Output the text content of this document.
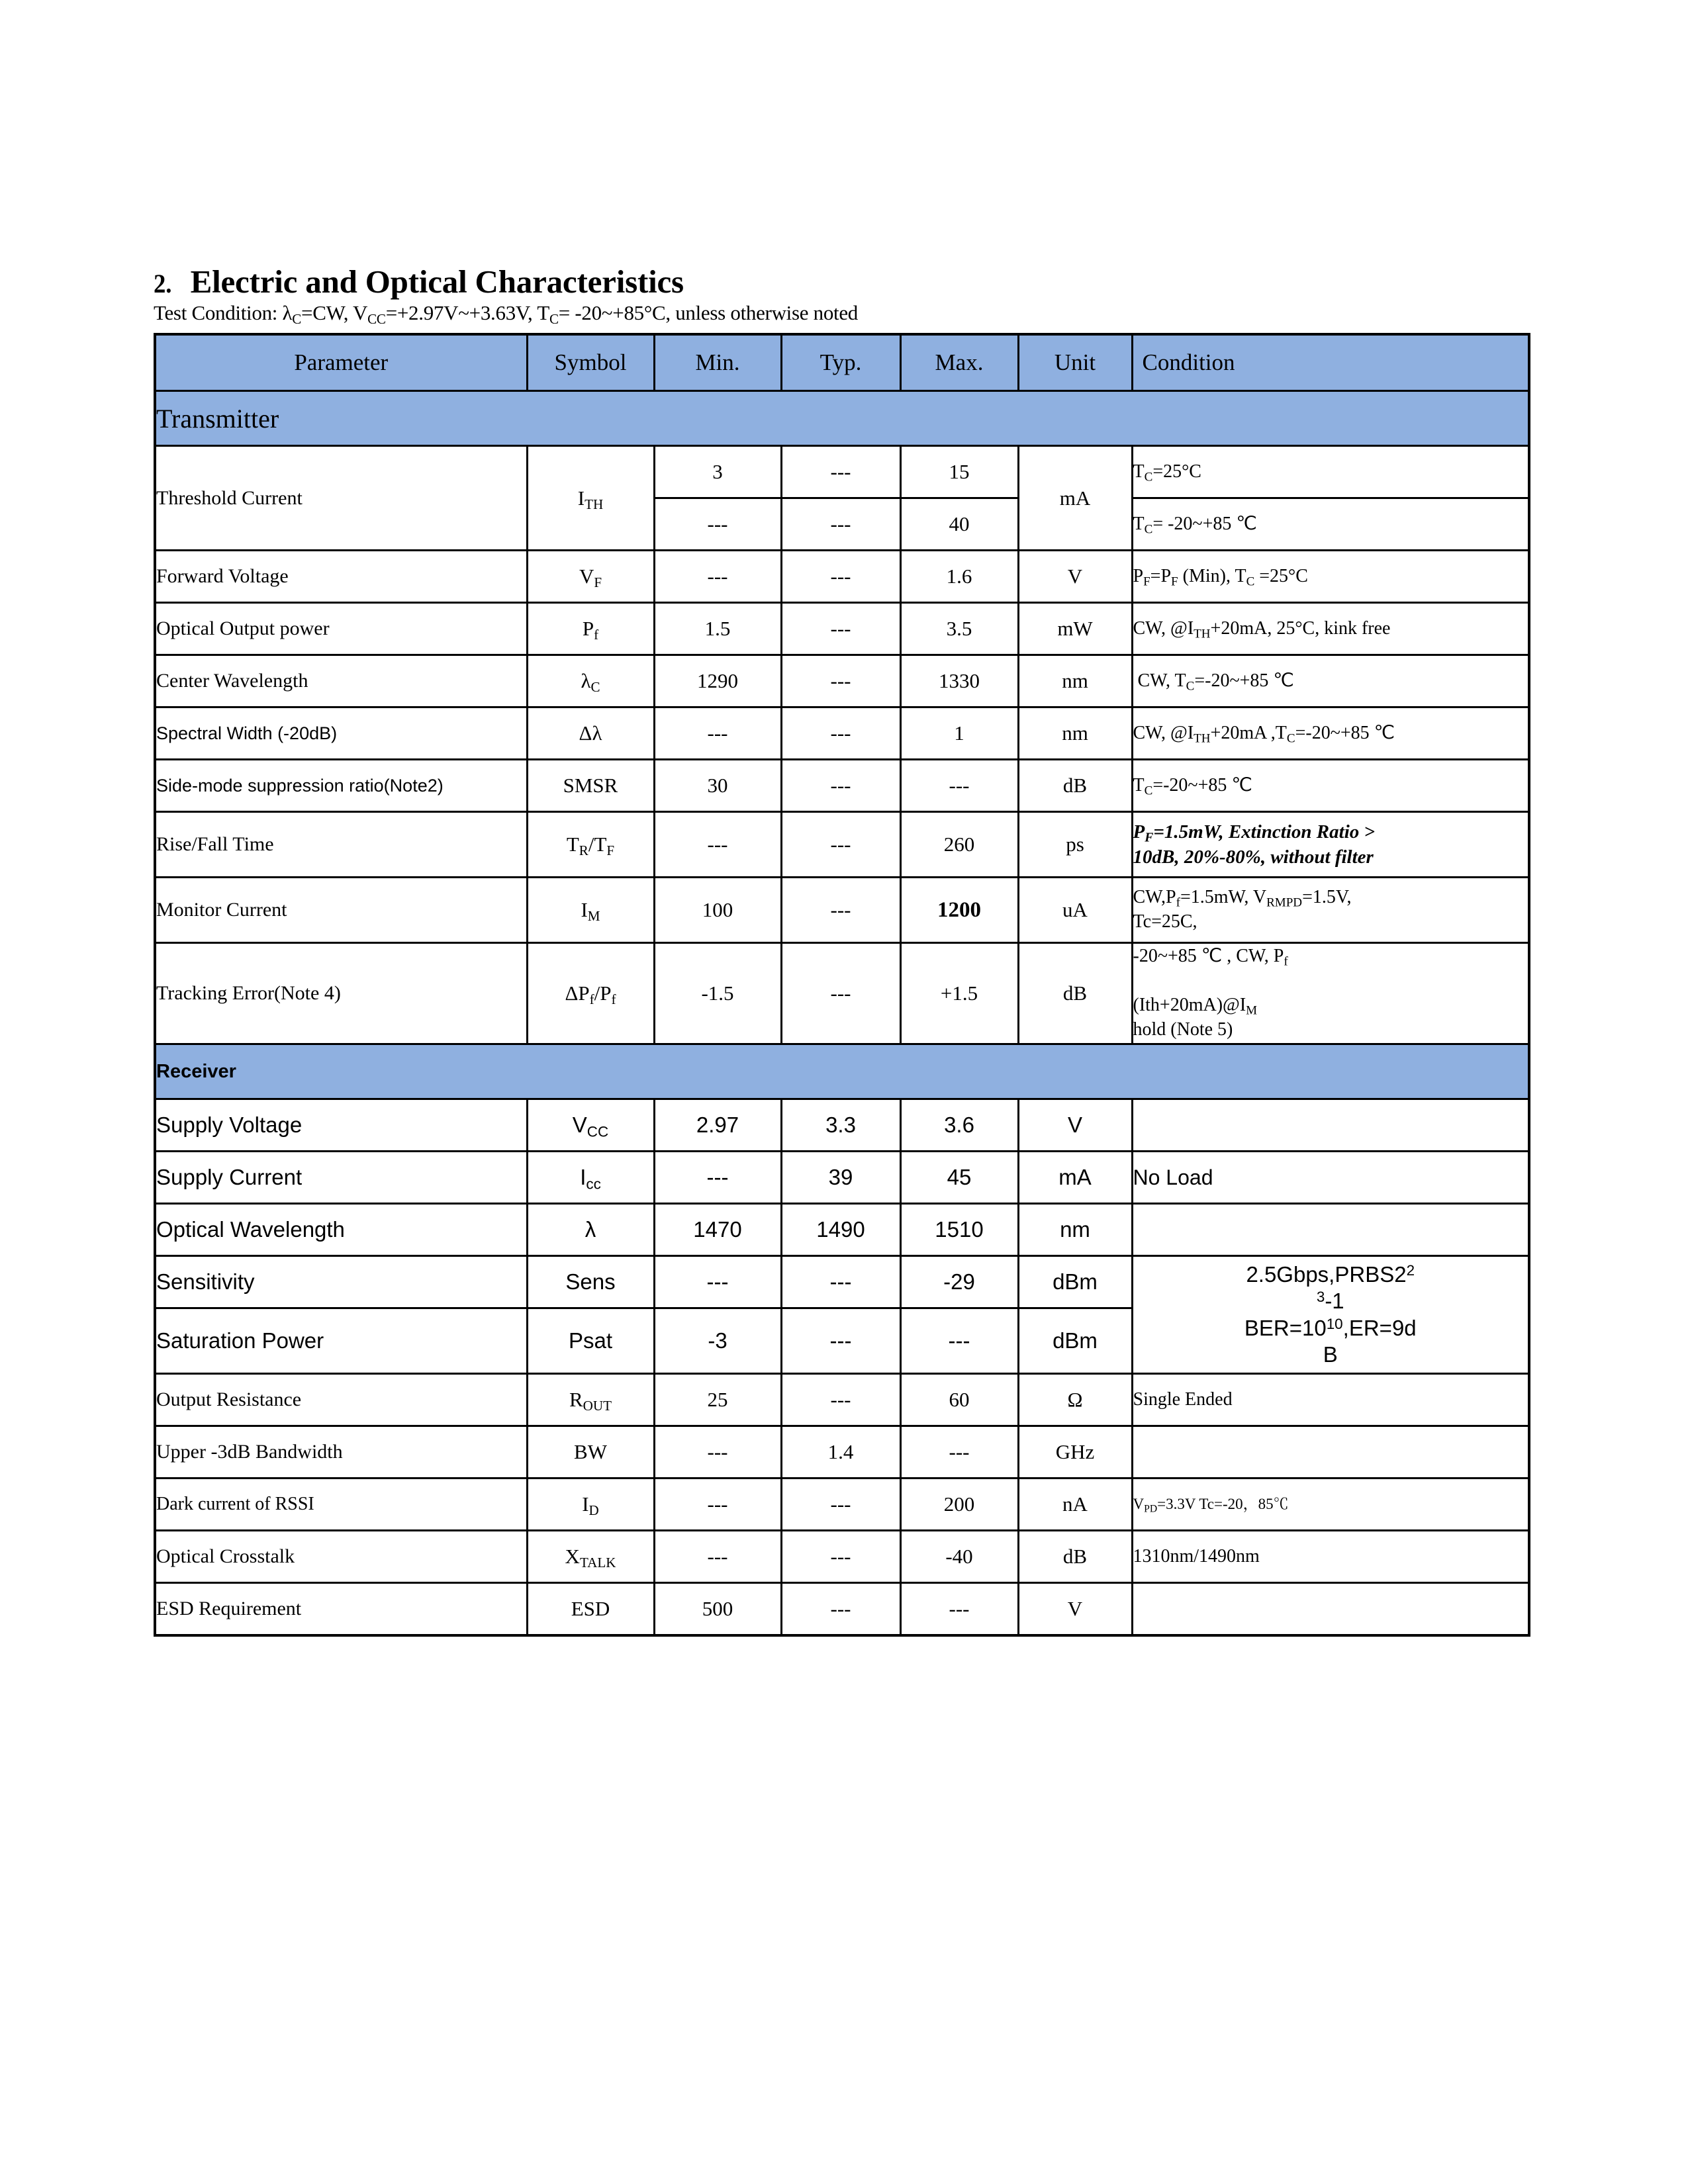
2. Electric and Optical Characteristics

Test Condition: $\lambda_C=CW$, $V_{CC}=+2.97V\sim+3.63V$, $T_C=$ -20~+85°C, unless otherwise noted

Parameter	Symbol	Min.	Typ.	Max.	Unit	Condition
Transmitter						
Threshold Current	$I_{TH}$	3	---	15	mA	$T_C=25^\circ C$
		---	---	40		$T_C=$ -20~+85 ℃
Forward Voltage	$V_F$	---	---	1.6	V	$P_F=P_F$ (Min), $T_C =25^\circ C$
Optical Output power	$P_f$	1.5	---	3.5	mW	CW, $@I_{TH}+20mA$, 25°C, kink free
Center Wavelength	$\lambda_C$	1290	---	1330	nm	CW, $T_C=-20\sim+85$ ℃
Spectral Width (-20dB)	Δλ	---	---	1	nm	CW, $@I_{TH}+20mA$ $,T_C=-20\sim+85$ ℃
Side-mode suppression ratio(Note2)	SMSR	30	---	---	dB	$T_C=-20\sim+85$ ℃
Rise/Fall Time	$T_R/T_F$	---	---	260	ps	$P_F=1.5mW$, Extinction Ratio >
10dB, 20%-80%, without filter
Monitor Current	$I_M$	100	---	1200	uA	$CW,P_f=1.5mW$, $V_{RMPD}=1.5V$,
Tc=25C,
Tracking Error(Note 4)	$\Delta P_f/P_f$	-1.5	---	+1.5	dB	-20~+85 ℃ , CW, $P_f$

$(Ith+20mA)@I_M$
hold (Note 5)
Receiver						
Supply Voltage	$V_{CC}$	2.97	3.3	3.6	V	
Supply Current	$I_{cc}$	---	39	45	mA	No Load
Optical Wavelength	λ	1470	1490	1510	nm	
Sensitivity	Sens	---	---	-29	dBm	$2.5Gbps,PRBS2^2$
$^3$-1
$BER=10^{10},ER=9d$
B
Saturation Power	Psat	-3	---	---	dBm	
Output Resistance	$R_{OUT}$	25	---	60	Ω	Single Ended
Upper -3dB Bandwidth	BW	---	1.4	---	GHz	
Dark current of RSSI	$I_D$	---	---	200	nA	$V_{PD}=3.3V$ Tc=-20，85℃
Optical Crosstalk	$X_{TALK}$	---	---	-40	dB	1310nm/1490nm
ESD Requirement	ESD	500	---	---	V	
